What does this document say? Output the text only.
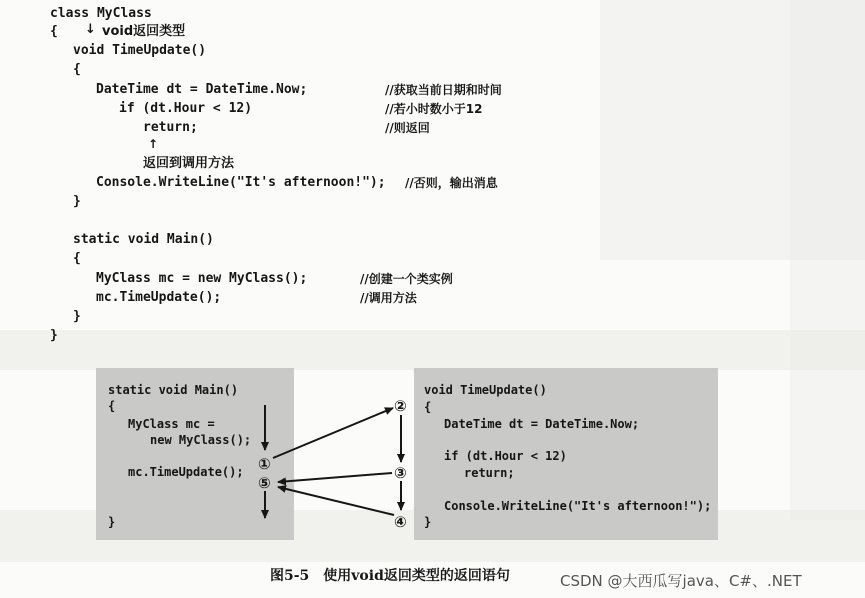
class MyClass
{ ↓ void返回类型
void TimeUpdate()
{
DateTime dt = DateTime.Now;	//获取当前日期和时间
if (dt.Hour < 12)	//若小时数小于12
return;	//则返回
↑
返回到调用方法
Console.WriteLine("It's afternoon!"); //否则，输出消息
}
static void Main()
{
MyClass mc = new MyClass();	//创建一个类实例
mc.TimeUpdate();	//调用方法
}
}
static void Main()
{
MyClass mc =
new MyClass();
mc.TimeUpdate();
}
void TimeUpdate()
{
DateTime dt = DateTime.Now;
if (dt.Hour < 12)
return;
Console.WriteLine("It's afternoon!");
}
①
②
③
④
⑤
图5-5　使用void返回类型的返回语句	CSDN @大西瓜写java、C#、.NET
